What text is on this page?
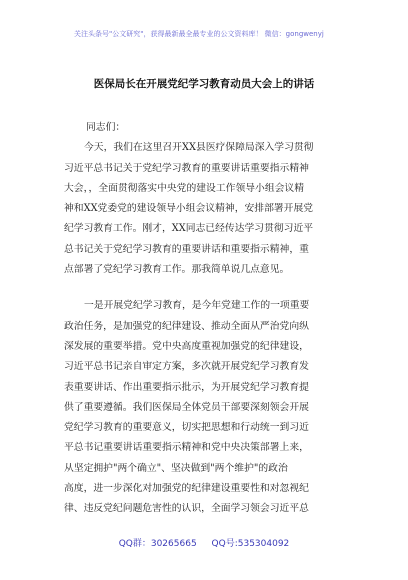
关注头条号"公文研究"，获得最新最全最专业的公文资料库！ 微信：gongwenyj
医保局长在开展党纪学习教育动员大会上的讲话

同志们：

今天，我们在这里召开XX县医疗保障局深入学习贯彻

习近平总书记关于党纪学习教育的重要讲话重要指示精神

大会，，全面贯彻落实中央党的建设工作领导小组会议精

神和XX党委党的建设领导小组会议精神，安排部署开展党

纪学习教育工作。刚才，XX同志已经传达学习贯彻习近平

总书记关于党纪学习教育的重要讲话和重要指示精神，重

点部署了党纪学习教育工作。那我简单说几点意见。

一是开展党纪学习教育，是今年党建工作的一项重要

政治任务，是加强党的纪律建设、推动全面从严治党向纵

深发展的重要举措。党中央高度重视加强党的纪律建设，

习近平总书记亲自审定方案，多次就开展党纪学习教育发

表重要讲话、作出重要指示批示，为开展党纪学习教育提

供了重要遵循。我们医保局全体党员干部要深刻领会开展

党纪学习教育的重要意义，切实把思想和行动统一到习近

平总书记重要讲话重要指示精神和党中央决策部署上来，

从坚定拥护"两个确立"、坚决做到"两个维护"的政治

高度，进一步深化对加强党的纪律建设重要性和对忽视纪

律、违反党纪问题危害性的认识，全面学习领会习近平总

QQ群：30265665 QQ号:535304092
